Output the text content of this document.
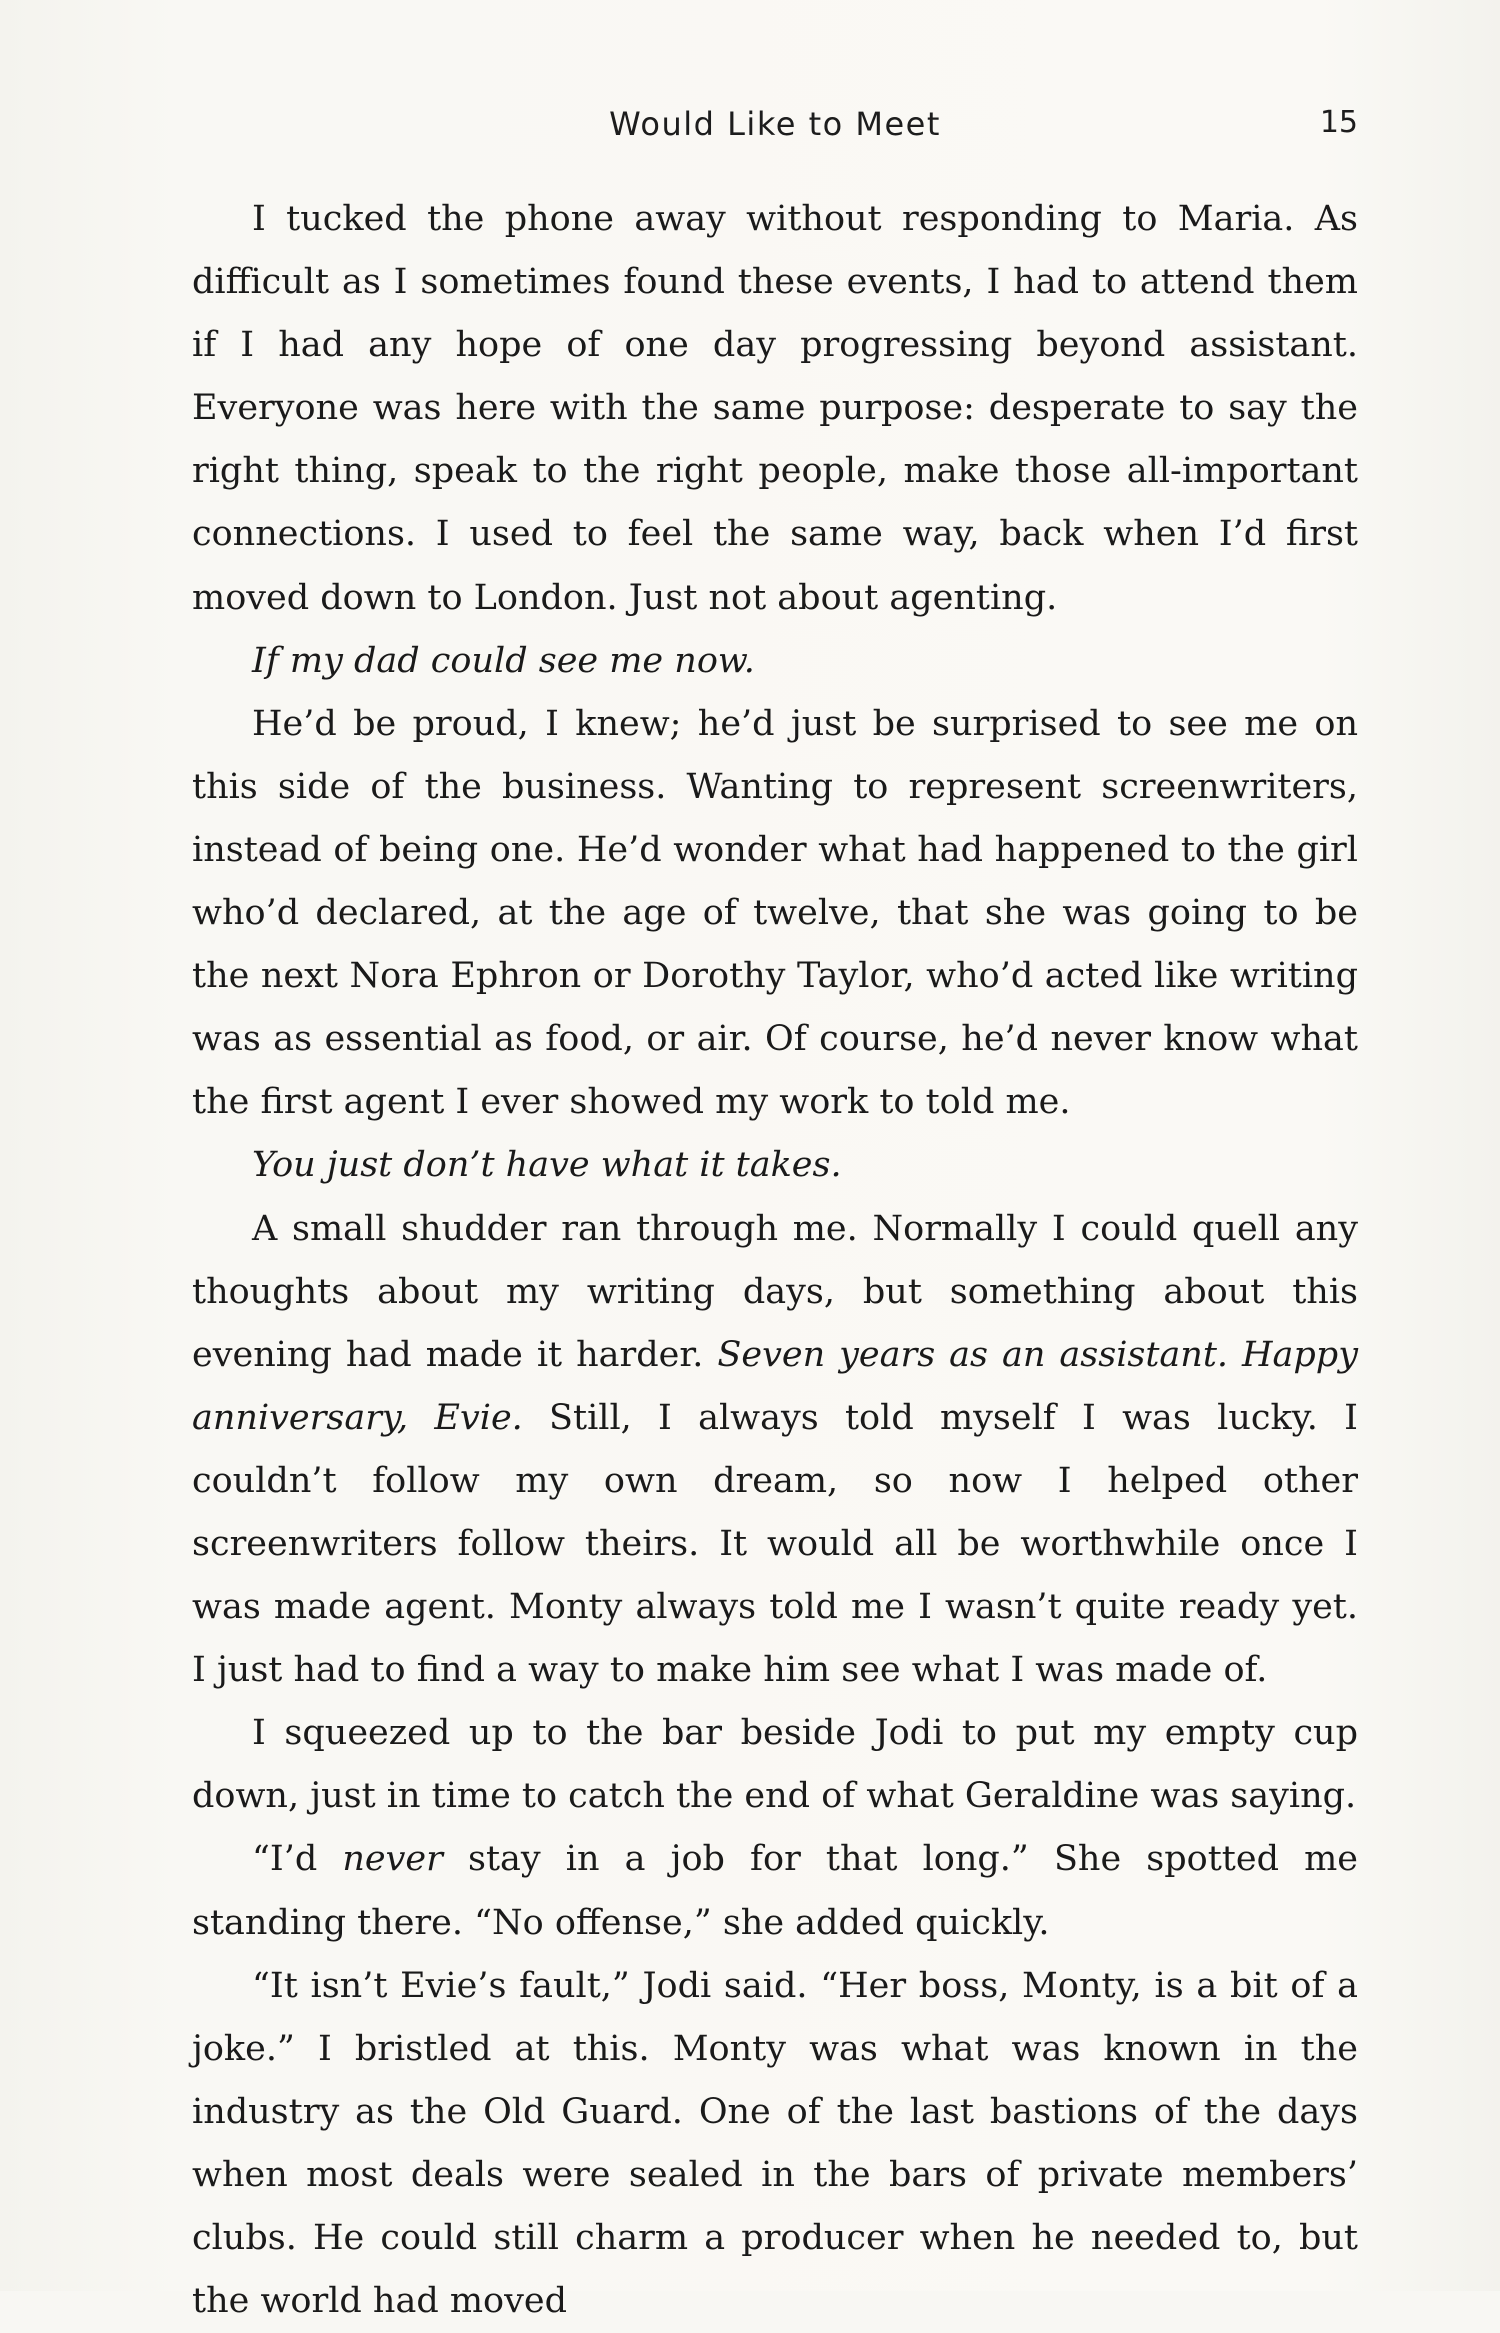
Would Like to Meet	15

I tucked the phone away without responding to Maria. As difficult as I sometimes found these events, I had to attend them if I had any hope of one day progressing beyond assistant. Everyone was here with the same purpose: desperate to say the right thing, speak to the right people, make those all-important connections. I used to feel the same way, back when I’d first moved down to London. Just not about agenting.

If my dad could see me now.

He’d be proud, I knew; he’d just be surprised to see me on this side of the business. Wanting to represent screenwriters, instead of being one. He’d wonder what had happened to the girl who’d declared, at the age of twelve, that she was going to be the next Nora Ephron or Dorothy Taylor, who’d acted like writing was as essential as food, or air. Of course, he’d never know what the first agent I ever showed my work to told me.

You just don’t have what it takes.

A small shudder ran through me. Normally I could quell any thoughts about my writing days, but something about this evening had made it harder. Seven years as an assistant. Happy anniversary, Evie. Still, I always told myself I was lucky. I couldn’t follow my own dream, so now I helped other screenwriters follow theirs. It would all be worthwhile once I was made agent. Monty always told me I wasn’t quite ready yet. I just had to find a way to make him see what I was made of.

I squeezed up to the bar beside Jodi to put my empty cup down, just in time to catch the end of what Geraldine was saying.

“I’d never stay in a job for that long.” She spotted me standing there. “No offense,” she added quickly.

“It isn’t Evie’s fault,” Jodi said. “Her boss, Monty, is a bit of a joke.” I bristled at this. Monty was what was known in the industry as the Old Guard. One of the last bastions of the days when most deals were sealed in the bars of private members’ clubs. He could still charm a producer when he needed to, but the world had moved
